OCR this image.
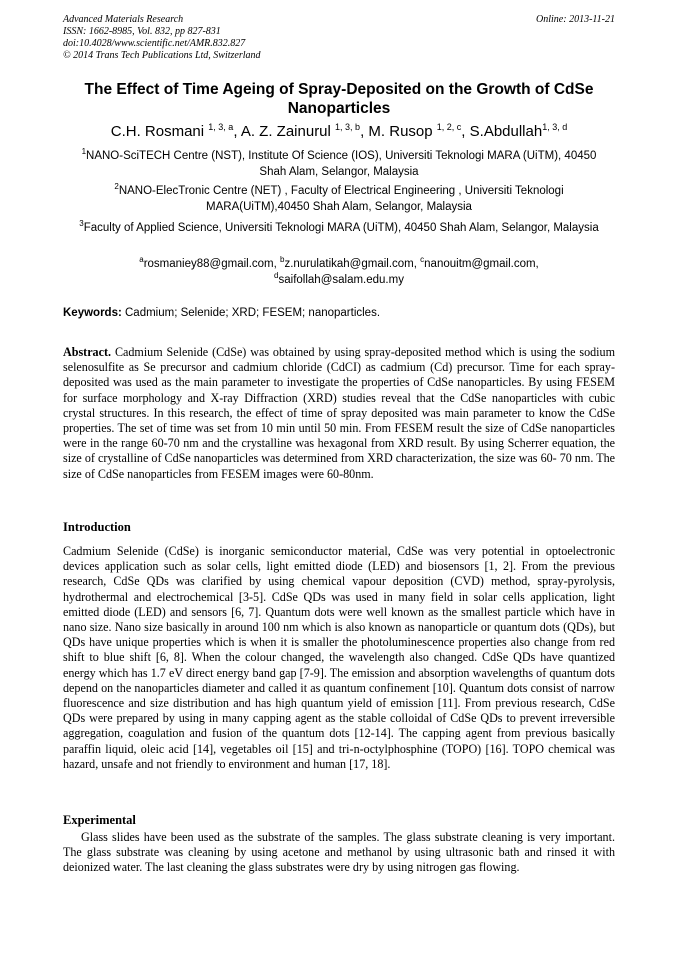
Advanced Materials Research
ISSN: 1662-8985, Vol. 832, pp 827-831
doi:10.4028/www.scientific.net/AMR.832.827
© 2014 Trans Tech Publications Ltd, Switzerland
Online: 2013-11-21
The Effect of Time Ageing of Spray-Deposited on the Growth of CdSe Nanoparticles
C.H. Rosmani $^{1, 3, a}$, A. Z. Zainurul $^{1, 3, b}$, M. Rusop $^{1, 2, c}$, S.Abdullah$^{1, 3, d}$
$^1$NANO-SciTECH Centre (NST), Institute Of Science (IOS), Universiti Teknologi MARA (UiTM), 40450 Shah Alam, Selangor, Malaysia
$^2$NANO-ElecTronic Centre (NET) , Faculty of Electrical Engineering , Universiti Teknologi MARA(UiTM),40450 Shah Alam, Selangor, Malaysia
$^3$Faculty of Applied Science, Universiti Teknologi MARA (UiTM), 40450 Shah Alam, Selangor, Malaysia
$^a$rosmaniey88@gmail.com, $^b$z.nurulatikah@gmail.com, $^c$nanouitm@gmail.com,
$^d$saifollah@salam.edu.my
Keywords: Cadmium; Selenide; XRD; FESEM; nanoparticles.
Abstract. Cadmium Selenide (CdSe) was obtained by using spray-deposited method which is using the sodium selenosulfite as Se precursor and cadmium chloride (CdCI) as cadmium (Cd) precursor. Time for each spray-deposited was used as the main parameter to investigate the properties of CdSe nanoparticles. By using FESEM for surface morphology and X-ray Diffraction (XRD) studies reveal that the CdSe nanoparticles with cubic crystal structures. In this research, the effect of time of spray deposited was main parameter to know the CdSe properties. The set of time was set from 10 min until 50 min. From FESEM result the size of CdSe nanoparticles were in the range 60-70 nm and the crystalline was hexagonal from XRD result. By using Scherrer equation, the size of crystalline of CdSe nanoparticles was determined from XRD characterization, the size was 60- 70 nm. The size of CdSe nanoparticles from FESEM images were 60-80nm.
Introduction
Cadmium Selenide (CdSe) is inorganic semiconductor material, CdSe was very potential in optoelectronic devices application such as solar cells, light emitted diode (LED) and biosensors [1, 2]. From the previous research, CdSe QDs was clarified by using chemical vapour deposition (CVD) method, spray-pyrolysis, hydrothermal and electrochemical [3-5]. CdSe QDs was used in many field in solar cells application, light emitted diode (LED) and sensors [6, 7]. Quantum dots were well known as the smallest particle which have in nano size. Nano size basically in around 100 nm which is also known as nanoparticle or quantum dots (QDs), but QDs have unique properties which is when it is smaller the photoluminescence properties also change from red shift to blue shift [6, 8]. When the colour changed, the wavelength also changed. CdSe QDs have quantized energy which has 1.7 eV direct energy band gap [7-9]. The emission and absorption wavelengths of quantum dots depend on the nanoparticles diameter and called it as quantum confinement [10]. Quantum dots consist of narrow fluorescence and size distribution and has high quantum yield of emission [11]. From previous research, CdSe QDs were prepared by using in many capping agent as the stable colloidal of CdSe QDs to prevent irreversible aggregation, coagulation and fusion of the quantum dots [12-14]. The capping agent from previous basically paraffin liquid, oleic acid [14], vegetables oil [15] and tri-n-octylphosphine (TOPO) [16]. TOPO chemical was hazard, unsafe and not friendly to environment and human [17, 18].
Experimental
Glass slides have been used as the substrate of the samples. The glass substrate cleaning is very important. The glass substrate was cleaning by using acetone and methanol by using ultrasonic bath and rinsed it with deionized water. The last cleaning the glass substrates were dry by using nitrogen gas flowing.
